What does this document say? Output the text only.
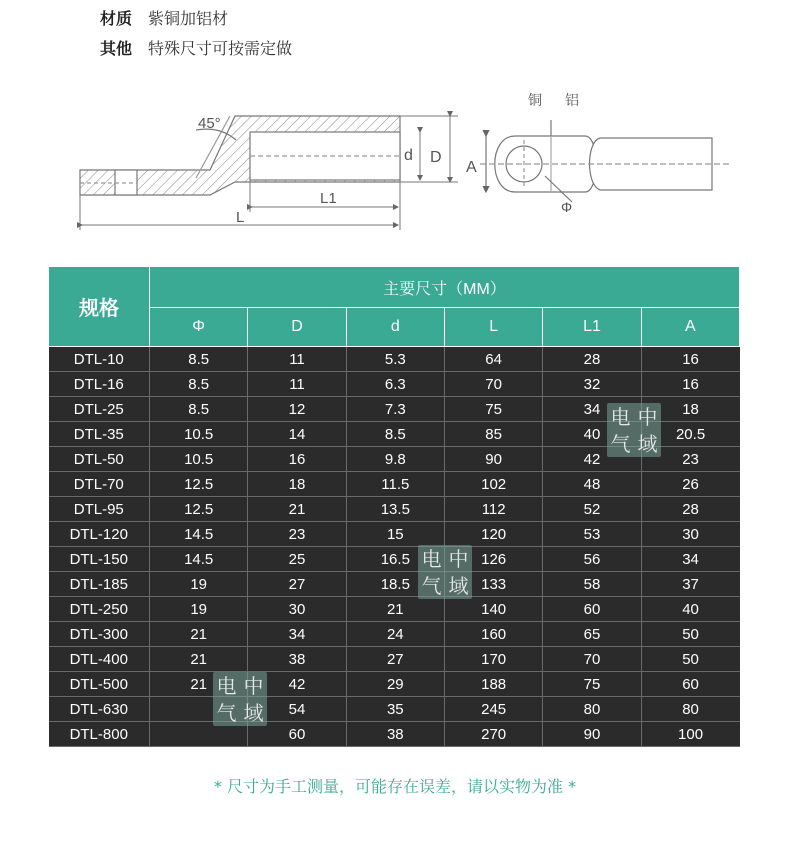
材质 紫铜加铝材
其他 特殊尺寸可按需定做
45°
d D
L1
L
A
铜 铝
Φ
规格	主要尺寸（MM）					
	Φ	D	d	L	L1	A
DTL-10	8.5	11	5.3	64	28	16
DTL-16	8.5	11	6.3	70	32	16
DTL-25	8.5	12	7.3	75	34	18
DTL-35	10.5	14	8.5	85	40	20.5
DTL-50	10.5	16	9.8	90	42	23
DTL-70	12.5	18	11.5	102	48	26
DTL-95	12.5	21	13.5	112	52	28
DTL-120	14.5	23	15	120	53	30
DTL-150	14.5	25	16.5	126	56	34
DTL-185	19	27	18.5	133	58	37
DTL-250	19	30	21	140	60	40
DTL-300	21	34	24	160	65	50
DTL-400	21	38	27	170	70	50
DTL-500	21	42	29	188	75	60
DTL-630		54	35	245	80	80
DTL-800		60	38	270	90	100
电 中
气 域
电 中
气 域
电 中
气 域
* 尺寸为手工测量，可能存在误差，请以实物为准 *
